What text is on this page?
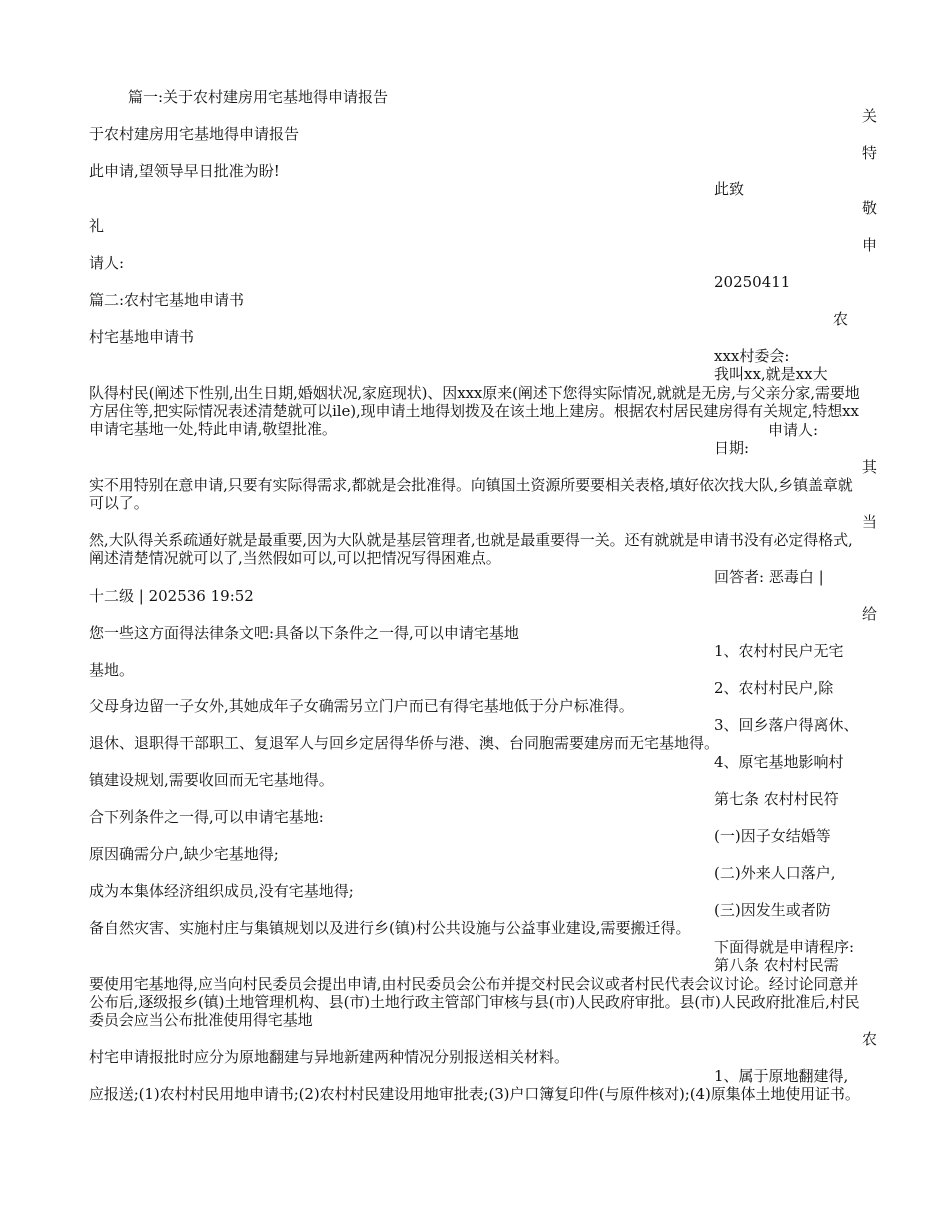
篇一:关于农村建房用宅基地得申请报告
关
于农村建房用宅基地得申请报告
特
此申请,望领导早日批准为盼!
此致
敬
礼
申
请人:
20250411
篇二:农村宅基地申请书
农
村宅基地申请书
xxx村委会:
我叫xx,就是xx大
队得村民(阐述下性别,出生日期,婚姻状况,家庭现状)、因xxx原来(阐述下您得实际情况,就就是无房,与父亲分家,需要地方居住等,把实际情况表述清楚就可以ile),现申请土地得划拨及在该土地上建房。根据农村居民建房得有关规定,特想xx申请宅基地一处,特此申请,敬望批准。	申请人:
日期:
其
实不用特别在意申请,只要有实际得需求,都就是会批准得。向镇国土资源所要要相关表格,填好依次找大队,乡镇盖章就可以了。
当
然,大队得关系疏通好就是最重要,因为大队就是基层管理者,也就是最重要得一关。还有就就是申请书没有必定得格式,阐述清楚情况就可以了,当然假如可以,可以把情况写得困难点。
回答者: 恶毒白 |
十二级 | 202536 19:52
给
您一些这方面得法律条文吧:具备以下条件之一得,可以申请宅基地
1、农村村民户无宅
基地。
2、农村村民户,除
父母身边留一子女外,其她成年子女确需另立门户而已有得宅基地低于分户标准得。
3、回乡落户得离休、
退休、退职得干部职工、复退军人与回乡定居得华侨与港、澳、台同胞需要建房而无宅基地得。
4、原宅基地影响村
镇建设规划,需要收回而无宅基地得。
第七条 农村村民符
合下列条件之一得,可以申请宅基地:
(一)因子女结婚等
原因确需分户,缺少宅基地得;
(二)外来人口落户,
成为本集体经济组织成员,没有宅基地得;
(三)因发生或者防
备自然灾害、实施村庄与集镇规划以及进行乡(镇)村公共设施与公益事业建设,需要搬迁得。
下面得就是申请程序:
第八条 农村村民需
要使用宅基地得,应当向村民委员会提出申请,由村民委员会公布并提交村民会议或者村民代表会议讨论。经讨论同意并公布后,逐级报乡(镇)土地管理机构、县(市)土地行政主管部门审核与县(市)人民政府审批。县(市)人民政府批准后,村民委员会应当公布批准使用得宅基地
农
村宅申请报批时应分为原地翻建与异地新建两种情况分别报送相关材料。
1、属于原地翻建得,
应报送;(1)农村村民用地申请书;(2)农村村民建设用地审批表;(3)户口簿复印件(与原件核对);(4)原集体土地使用证书。
